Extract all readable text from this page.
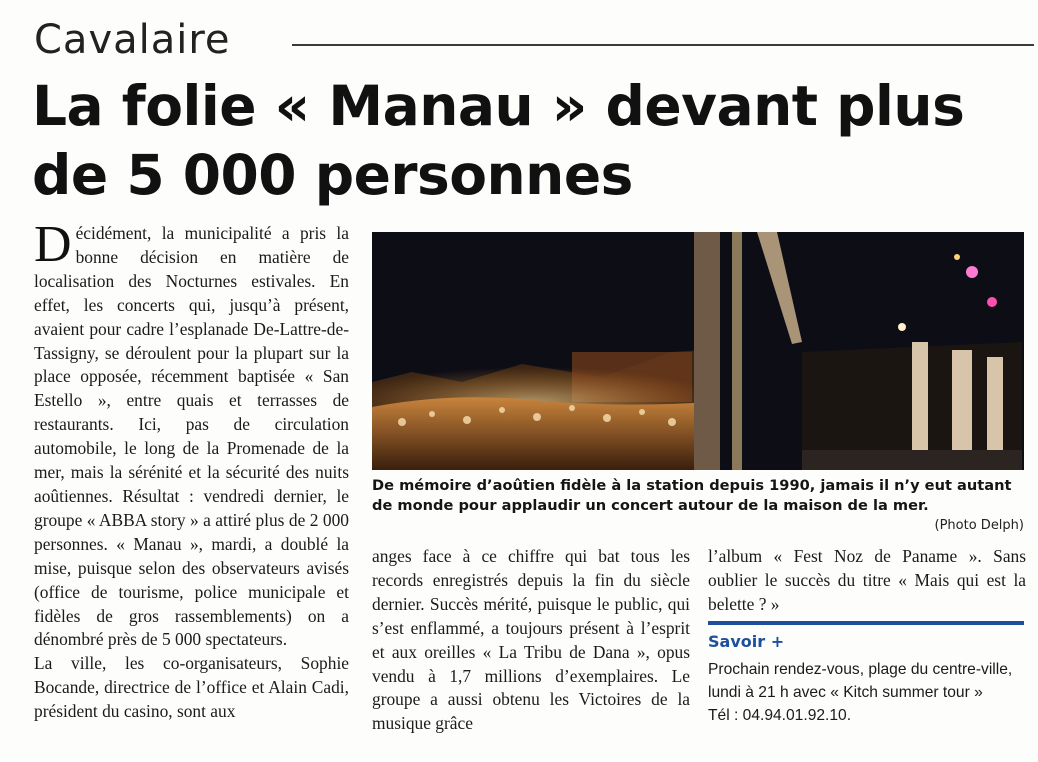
Cavalaire
La folie « Manau » devant plus
de 5 000 personnes

Décidément, la municipalité a pris la bonne décision en matière de localisation des Nocturnes estivales. En effet, les concerts qui, jusqu’à présent, avaient pour cadre l’esplanade De-Lattre-de-Tassigny, se déroulent pour la plupart sur la place opposée, récemment baptisée « San Estello », entre quais et terrasses de restaurants. Ici, pas de circulation automobile, le long de la Promenade de la mer, mais la sérénité et la sécurité des nuits aoûtiennes. Résultat : vendredi dernier, le groupe « ABBA story » a attiré plus de 2 000 personnes. « Manau », mardi, a doublé la mise, puisque selon des observateurs avisés (office de tourisme, police municipale et fidèles de gros rassemblements) on a dénombré près de 5 000 spectateurs.

La ville, les co-organisateurs, Sophie Bocande, directrice de l’office et Alain Cadi, président du casino, sont aux

De mémoire d’aoûtien fidèle à la station depuis 1990, jamais il n’y eut autant de monde pour applaudir un concert autour de la maison de la mer.
(Photo Delph)
anges face à ce chiffre qui bat tous les records enregistrés depuis la fin du siècle dernier. Succès mérité, puisque le public, qui s’est enflammé, a toujours présent à l’esprit et aux oreilles « La Tribu de Dana », opus vendu à 1,7 millions d’exemplaires. Le groupe a aussi obtenu les Victoires de la musique grâce
l’album « Fest Noz de Paname ». Sans oublier le succès du titre « Mais qui est la belette ? »
Savoir +
Prochain rendez-vous, plage du centre-ville,
lundi à 21 h avec « Kitch summer tour »
Tél : 04.94.01.92.10.
